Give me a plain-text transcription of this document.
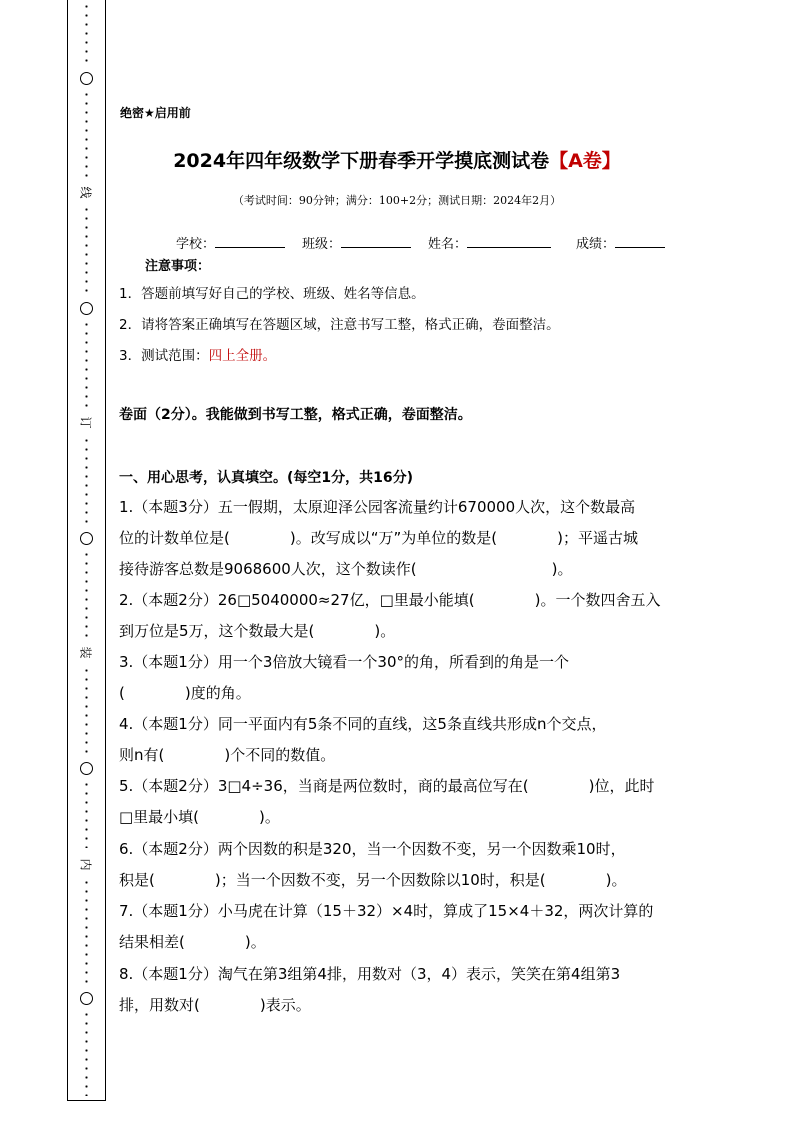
线
订
装
内
绝密★启用前
2024年四年级数学下册春季开学摸底测试卷【A卷】
（考试时间：90分钟；满分：100+2分；测试日期：2024年2月）
学校：	班级：	姓名：	成绩：
注意事项：
1．答题前填写好自己的学校、班级、姓名等信息。
2．请将答案正确填写在答题区域，注意书写工整，格式正确，卷面整洁。
3．测试范围：四上全册。
卷面（2分）。我能做到书写工整，格式正确，卷面整洁。
一、用心思考，认真填空。(每空1分，共16分)
1.（本题3分）五一假期，太原迎泽公园客流量约计670000人次，这个数最高
位的计数单位是(　　　　)。改写成以“万”为单位的数是(　　　　)；平遥古城
接待游客总数是9068600人次，这个数读作(　　　　　　　　　)。
2.（本题2分）26□5040000≈27亿，□里最小能填(　　　　)。一个数四舍五入
到万位是5万，这个数最大是(　　　　)。
3.（本题1分）用一个3倍放大镜看一个30°的角，所看到的角是一个
(　　　　)度的角。
4.（本题1分）同一平面内有5条不同的直线，这5条直线共形成n个交点，
则n有(　　　　)个不同的数值。
5.（本题2分）3□4÷36，当商是两位数时，商的最高位写在(　　　　)位，此时
□里最小填(　　　　)。
6.（本题2分）两个因数的积是320，当一个因数不变，另一个因数乘10时，
积是(　　　　)；当一个因数不变，另一个因数除以10时，积是(　　　　)。
7.（本题1分）小马虎在计算（15＋32）×4时，算成了15×4＋32，两次计算的
结果相差(　　　　)。
8.（本题1分）淘气在第3组第4排，用数对（3，4）表示，笑笑在第4组第3
排，用数对(　　　　)表示。
